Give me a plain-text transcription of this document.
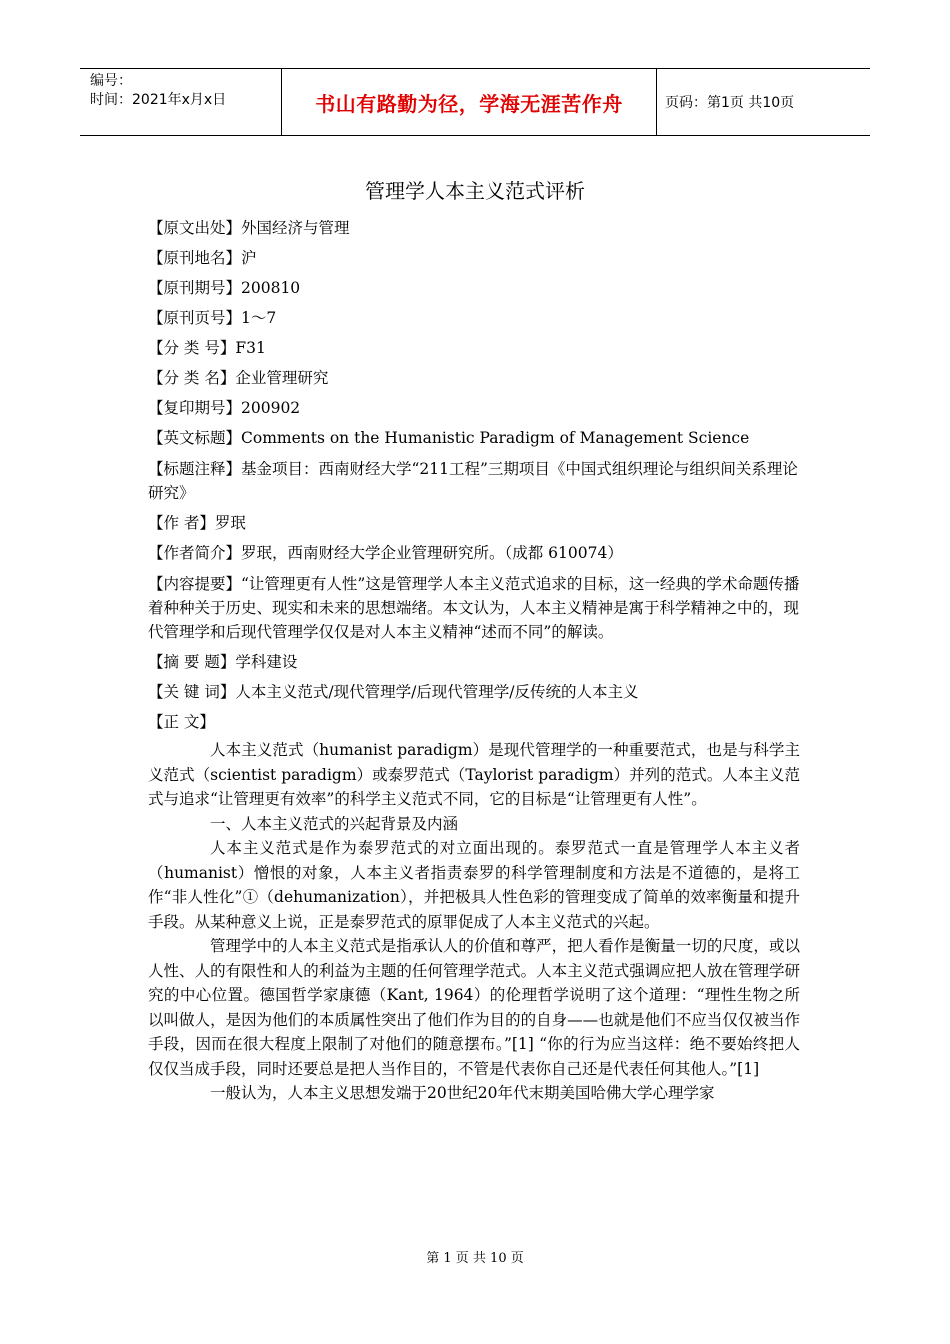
编号：
时间：2021年x月x日	书山有路勤为径，学海无涯苦作舟	页码：第1页 共10页
管理学人本主义范式评析
【原文出处】外国经济与管理
【原刊地名】沪
【原刊期号】200810
【原刊页号】1～7
【分 类 号】F31
【分 类 名】企业管理研究
【复印期号】200902
【英文标题】Comments on the Humanistic Paradigm of Management Science
【标题注释】基金项目：西南财经大学“211工程”三期项目《中国式组织理论与组织间关系理论研究》
【作 者】罗珉
【作者简介】罗珉，西南财经大学企业管理研究所。（成都 610074）
【内容提要】“让管理更有人性”这是管理学人本主义范式追求的目标，这一经典的学术命题传播着种种关于历史、现实和未来的思想端绪。本文认为，人本主义精神是寓于科学精神之中的，现代管理学和后现代管理学仅仅是对人本主义精神“述而不同”的解读。
【摘 要 题】学科建设
【关 键 词】人本主义范式/现代管理学/后现代管理学/反传统的人本主义
【正 文】

人本主义范式（humanist paradigm）是现代管理学的一种重要范式，也是与科学主义范式（scientist paradigm）或泰罗范式（Taylorist paradigm）并列的范式。人本主义范式与追求“让管理更有效率”的科学主义范式不同，它的目标是“让管理更有人性”。

一、人本主义范式的兴起背景及内涵

人本主义范式是作为泰罗范式的对立面出现的。泰罗范式一直是管理学人本主义者（humanist）憎恨的对象，人本主义者指责泰罗的科学管理制度和方法是不道德的，是将工作“非人性化”①（dehumanization），并把极具人性色彩的管理变成了简单的效率衡量和提升手段。从某种意义上说，正是泰罗范式的原罪促成了人本主义范式的兴起。

管理学中的人本主义范式是指承认人的价值和尊严，把人看作是衡量一切的尺度，或以人性、人的有限性和人的利益为主题的任何管理学范式。人本主义范式强调应把人放在管理学研究的中心位置。德国哲学家康德（Kant, 1964）的伦理哲学说明了这个道理：“理性生物之所以叫做人，是因为他们的本质属性突出了他们作为目的的自身——也就是他们不应当仅仅被当作手段，因而在很大程度上限制了对他们的随意摆布。”[1] “你的行为应当这样：绝不要始终把人仅仅当成手段，同时还要总是把人当作目的，不管是代表你自己还是代表任何其他人。”[1]

一般认为，人本主义思想发端于20世纪20年代末期美国哈佛大学心理学家

第 1 页 共 10 页
